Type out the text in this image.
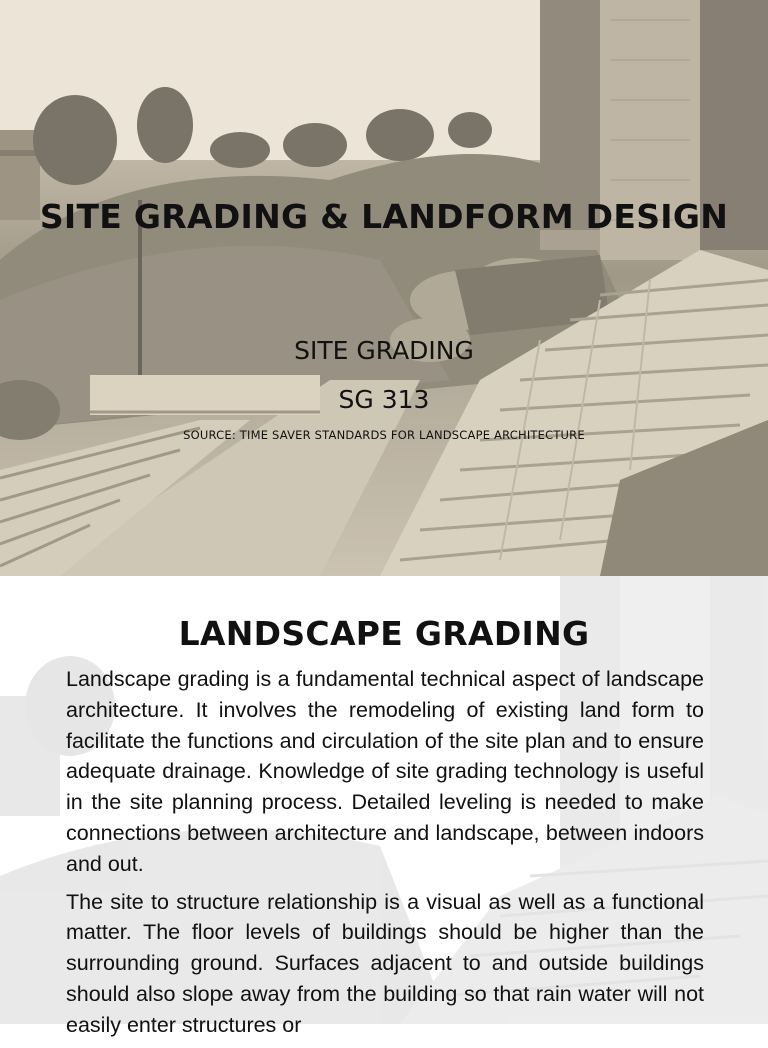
SITE GRADING & LANDFORM DESIGN
SITE GRADING
SG 313
SOURCE: TIME SAVER STANDARDS FOR LANDSCAPE ARCHITECTURE
LANDSCAPE GRADING

Landscape grading is a fundamental technical aspect of landscape architecture. It involves the remodeling of existing land form to facilitate the functions and circulation of the site plan and to ensure adequate drainage. Knowledge of site grading technology is useful in the site planning process. Detailed leveling is needed to make connections between architecture and landscape, between indoors and out.

The site to structure relationship is a visual as well as a functional matter. The floor levels of buildings should be higher than the surrounding ground. Surfaces adjacent to and outside buildings should also slope away from the building so that rain water will not easily enter structures or
